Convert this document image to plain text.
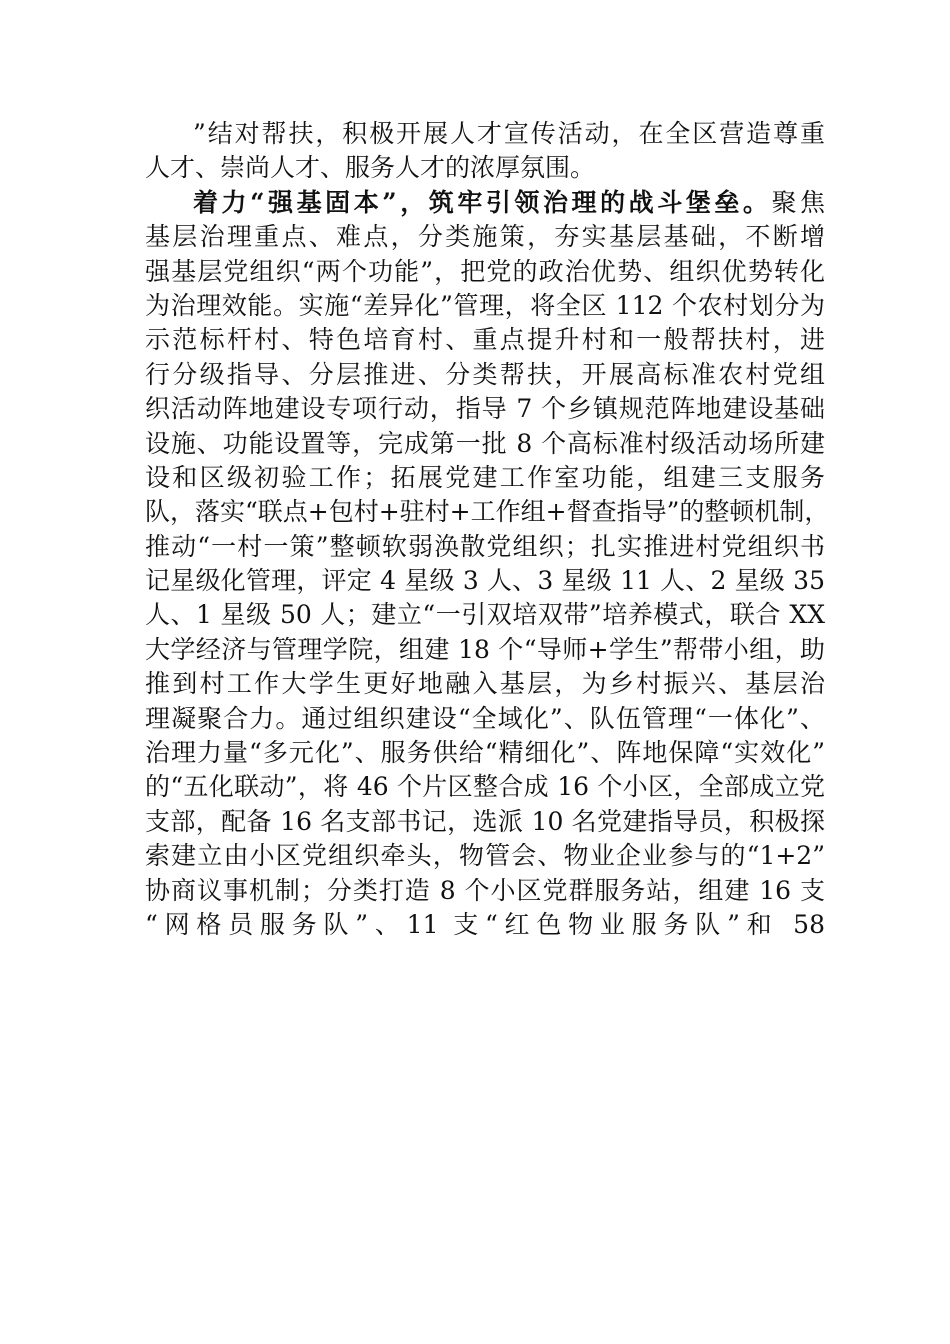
”结对帮扶，积极开展人才宣传活动，在全区营造尊重
人才、崇尚人才、服务人才的浓厚氛围。
着力“强基固本”，筑牢引领治理的战斗堡垒。聚焦
基层治理重点、难点，分类施策，夯实基层基础，不断增
强基层党组织“两个功能”，把党的政治优势、组织优势转化
为治理效能。实施“差异化”管理，将全区 112 个农村划分为
示范标杆村、特色培育村、重点提升村和一般帮扶村，进
行分级指导、分层推进、分类帮扶，开展高标准农村党组
织活动阵地建设专项行动，指导 7 个乡镇规范阵地建设基础
设施、功能设置等，完成第一批 8 个高标准村级活动场所建
设和区级初验工作；拓展党建工作室功能，组建三支服务
队，落实“联点+包村+驻村+工作组+督查指导”的整顿机制，
推动“一村一策”整顿软弱涣散党组织；扎实推进村党组织书
记星级化管理，评定 4 星级 3 人、3 星级 11 人、2 星级 35
人、1 星级 50 人；建立“一引双培双带”培养模式，联合 XX
大学经济与管理学院，组建 18 个“导师+学生”帮带小组，助
推到村工作大学生更好地融入基层，为乡村振兴、基层治
理凝聚合力。通过组织建设“全域化”、队伍管理“一体化”、
治理力量“多元化”、服务供给“精细化”、阵地保障“实效化”
的“五化联动”，将 46 个片区整合成 16 个小区，全部成立党
支部，配备 16 名支部书记，选派 10 名党建指导员，积极探
索建立由小区党组织牵头，物管会、物业企业参与的“1+2”
协商议事机制；分类打造 8 个小区党群服务站，组建 16 支
“网格员服务队”、11 支“红色物业服务队”和 58
